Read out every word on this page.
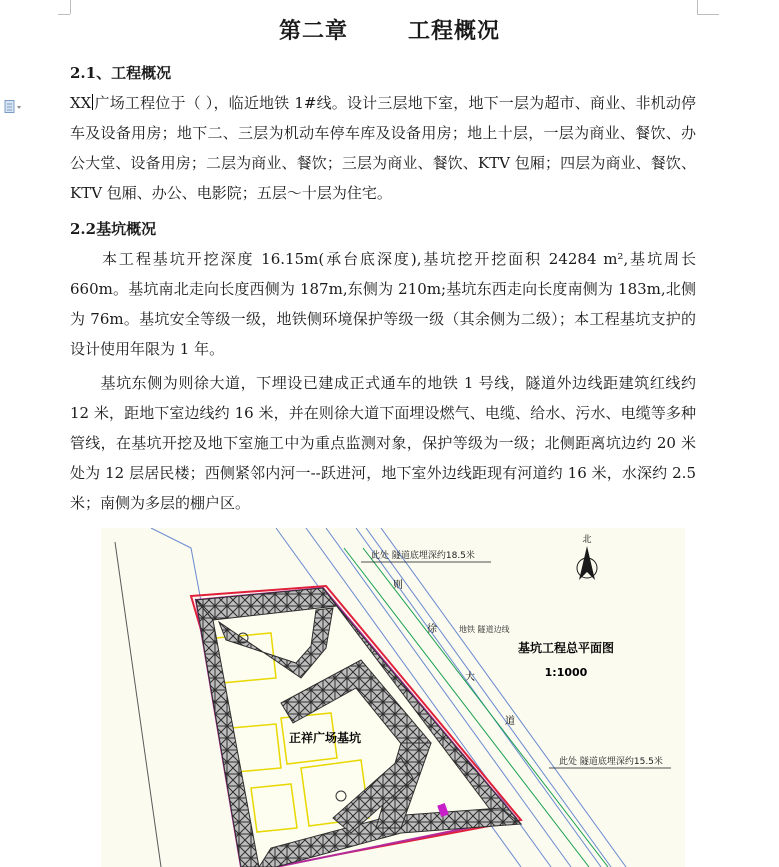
第二章	工程概况
2.1、工程概况

XX 广场工程位于（ ），临近地铁 1#线。设计三层地下室，地下一层为超市、商业、非机动停车及设备用房；地下二、三层为机动车停车库及设备用房；地上十层，一层为商业、餐饮、办公大堂、设备用房；二层为商业、餐饮；三层为商业、餐饮、KTV 包厢；四层为商业、餐饮、KTV 包厢、办公、电影院；五层～十层为住宅。

2.2基坑概况

本工程基坑开挖深度 16.15m(承台底深度),基坑挖开挖面积 24284 m²,基坑周长 660m。基坑南北走向长度西侧为 187m,东侧为 210m;基坑东西走向长度南侧为 183m,北侧为 76m。基坑安全等级一级，地铁侧环境保护等级一级（其余侧为二级）；本工程基坑支护的设计使用年限为 1 年。

基坑东侧为则徐大道，下埋设已建成正式通车的地铁 1 号线，隧道外边线距建筑红线约 12 米，距地下室边线约 16 米，并在则徐大道下面埋设燃气、电缆、给水、污水、电缆等多种管线，在基坑开挖及地下室施工中为重点监测对象，保护等级为一级；北侧距离坑边约 20 米处为 12 层居民楼；西侧紧邻内河一--跃进河，地下室外边线距现有河道约 16 米，水深约 2.5 米；南侧为多层的棚户区。

北
此处 隧道底埋深约18.5米
此处 隧道底埋深约15.5米
地铁 隧道边线
则
徐
大
道
基坑工程总平面图
1:1000
正祥广场基坑
